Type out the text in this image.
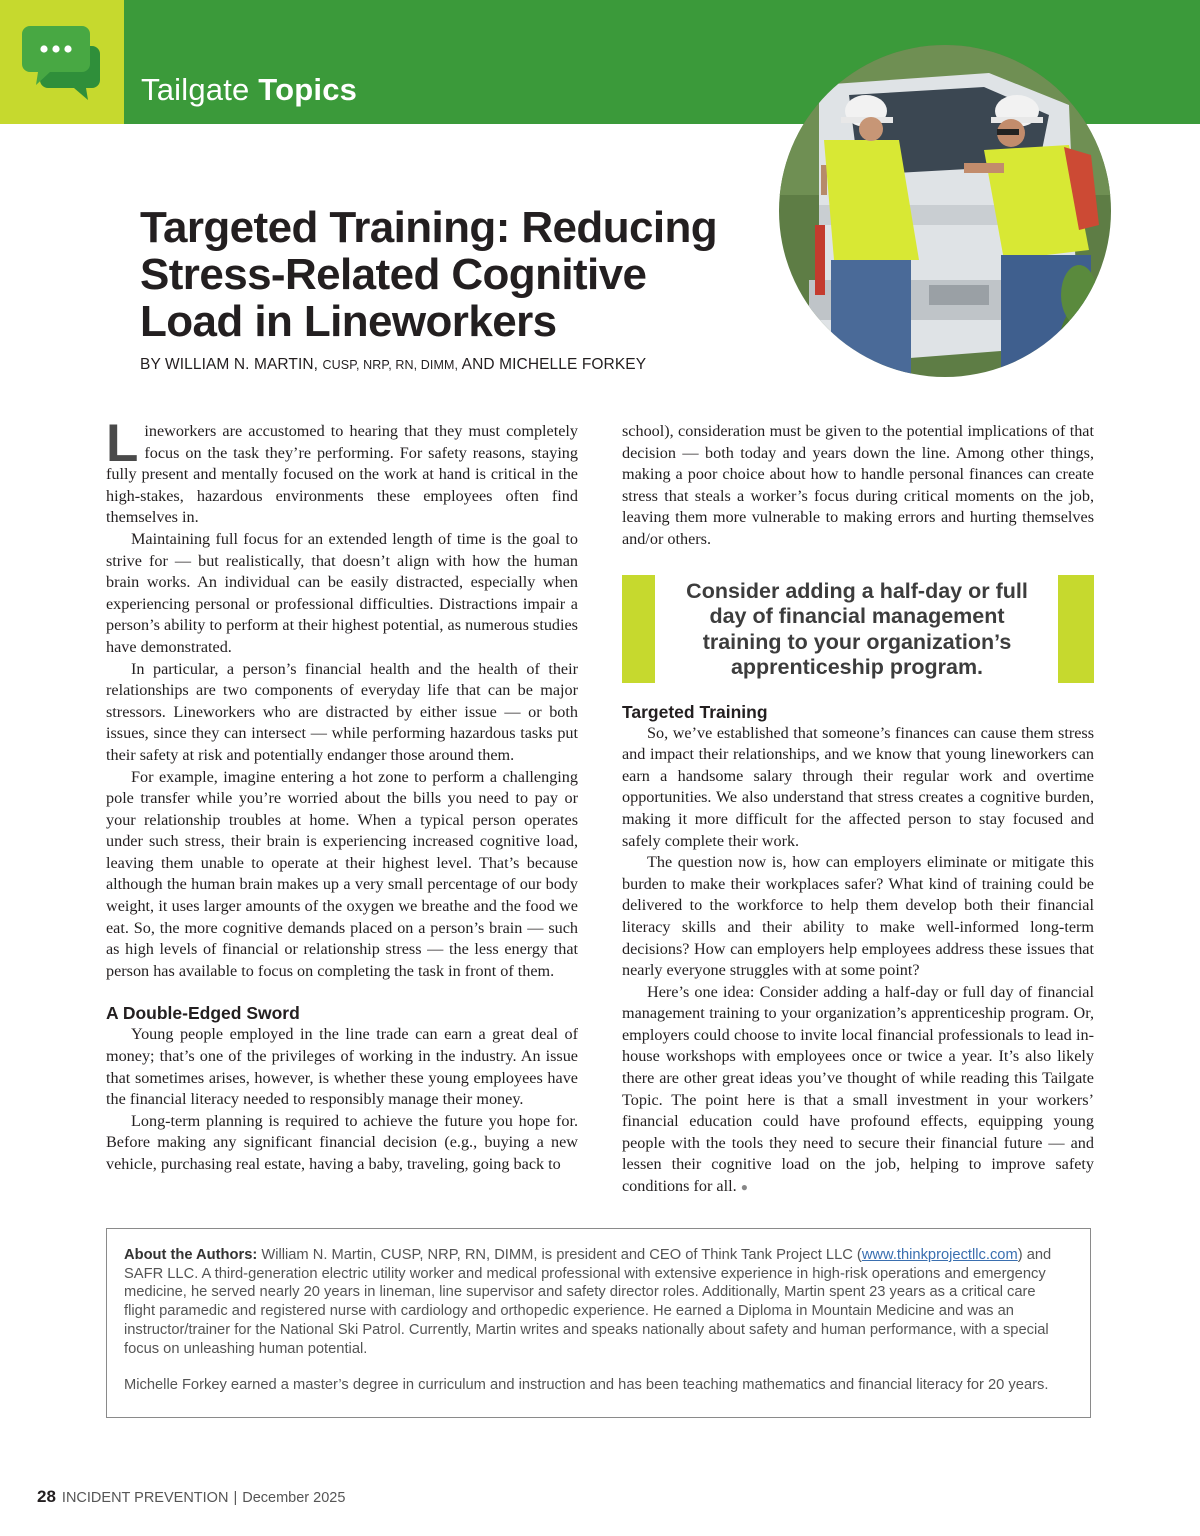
Tailgate Topics
Targeted Training: Reducing Stress-Related Cognitive Load in Lineworkers

BY WILLIAM N. MARTIN, CUSP, NRP, RN, DIMM, AND MICHELLE FORKEY

Lineworkers are accustomed to hearing that they must completely focus on the task they’re performing. For safety reasons, staying fully present and mentally focused on the work at hand is critical in the high-stakes, hazardous environments these employees often find themselves in.

Maintaining full focus for an extended length of time is the goal to strive for — but realistically, that doesn’t align with how the human brain works. An individual can be easily distracted, especially when experiencing personal or professional difficulties. Distractions impair a person’s ability to perform at their highest potential, as numerous studies have demonstrated.

In particular, a person’s financial health and the health of their relationships are two components of everyday life that can be major stressors. Lineworkers who are distracted by either issue — or both issues, since they can intersect — while performing hazardous tasks put their safety at risk and potentially endanger those around them.

For example, imagine entering a hot zone to perform a challenging pole transfer while you’re worried about the bills you need to pay or your relationship troubles at home. When a typical person operates under such stress, their brain is experiencing increased cognitive load, leaving them unable to operate at their highest level. That’s because although the human brain makes up a very small percentage of our body weight, it uses larger amounts of the oxygen we breathe and the food we eat. So, the more cognitive demands placed on a person’s brain — such as high levels of financial or relationship stress — the less energy that person has available to focus on completing the task in front of them.

A Double-Edged Sword

Young people employed in the line trade can earn a great deal of money; that’s one of the privileges of working in the industry. An issue that sometimes arises, however, is whether these young employees have the financial literacy needed to responsibly manage their money.

Long-term planning is required to achieve the future you hope for. Before making any significant financial decision (e.g., buying a new vehicle, purchasing real estate, having a baby, traveling, going back to

school), consideration must be given to the potential implications of that decision — both today and years down the line. Among other things, making a poor choice about how to handle personal finances can create stress that steals a worker’s focus during critical moments on the job, leaving them more vulnerable to making errors and hurting themselves and/or others.

Consider adding a half-day or full day of financial management training to your organization’s apprenticeship program.
Targeted Training

So, we’ve established that someone’s finances can cause them stress and impact their relationships, and we know that young lineworkers can earn a handsome salary through their regular work and overtime opportunities. We also understand that stress creates a cognitive burden, making it more difficult for the affected person to stay focused and safely complete their work.

The question now is, how can employers eliminate or mitigate this burden to make their workplaces safer? What kind of training could be delivered to the workforce to help them develop both their financial literacy skills and their ability to make well-informed long-term decisions? How can employers help employees address these issues that nearly everyone struggles with at some point?

Here’s one idea: Consider adding a half-day or full day of financial management training to your organization’s apprenticeship program. Or, employers could choose to invite local financial professionals to lead in-house workshops with employees once or twice a year. It’s also likely there are other great ideas you’ve thought of while reading this Tailgate Topic. The point here is that a small investment in your workers’ financial education could have profound effects, equipping young people with the tools they need to secure their financial future — and lessen their cognitive load on the job, helping to improve safety conditions for all. ●

About the Authors: William N. Martin, CUSP, NRP, RN, DIMM, is president and CEO of Think Tank Project LLC (www.thinkprojectllc.com) and SAFR LLC. A third-generation electric utility worker and medical professional with extensive experience in high-risk operations and emergency medicine, he served nearly 20 years in lineman, line supervisor and safety director roles. Additionally, Martin spent 23 years as a critical care flight paramedic and registered nurse with cardiology and orthopedic experience. He earned a Diploma in Mountain Medicine and was an instructor/trainer for the National Ski Patrol. Currently, Martin writes and speaks nationally about safety and human performance, with a special focus on unleashing human potential.

Michelle Forkey earned a master’s degree in curriculum and instruction and has been teaching mathematics and financial literacy for 20 years.

28 INCIDENT PREVENTION | December 2025
